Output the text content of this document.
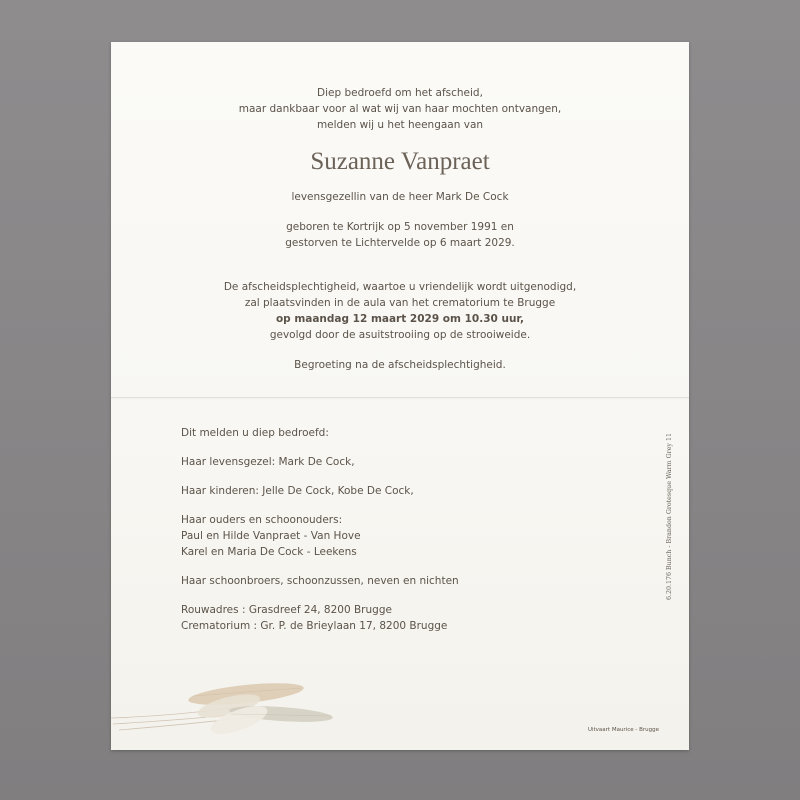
Diep bedroefd om het afscheid,
maar dankbaar voor al wat wij van haar mochten ontvangen,
melden wij u het heengaan van
Suzanne Vanpraet
levensgezellin van de heer Mark De Cock
geboren te Kortrijk op 5 november 1991 en
gestorven te Lichtervelde op 6 maart 2029.
De afscheidsplechtigheid, waartoe u vriendelijk wordt uitgenodigd,
zal plaatsvinden in de aula van het crematorium te Brugge
op maandag 12 maart 2029 om 10.30 uur,
gevolgd door de asuitstrooiing op de strooiweide.
Begroeting na de afscheidsplechtigheid.
Dit melden u diep bedroefd:
Haar levensgezel: Mark De Cock,
Haar kinderen: Jelle De Cock, Kobe De Cock,
Haar ouders en schoonouders:
Paul en Hilde Vanpraet - Van Hove
Karel en Maria De Cock - Leekens
Haar schoonbroers, schoonzussen, neven en nichten
Rouwadres : Grasdreef 24, 8200 Brugge
Crematorium : Gr. P. de Brieylaan 17, 8200 Brugge
6.20.176 Bunch - Brandon Grotesque Warm Grey 11
Uitvaart Maurice - Brugge
